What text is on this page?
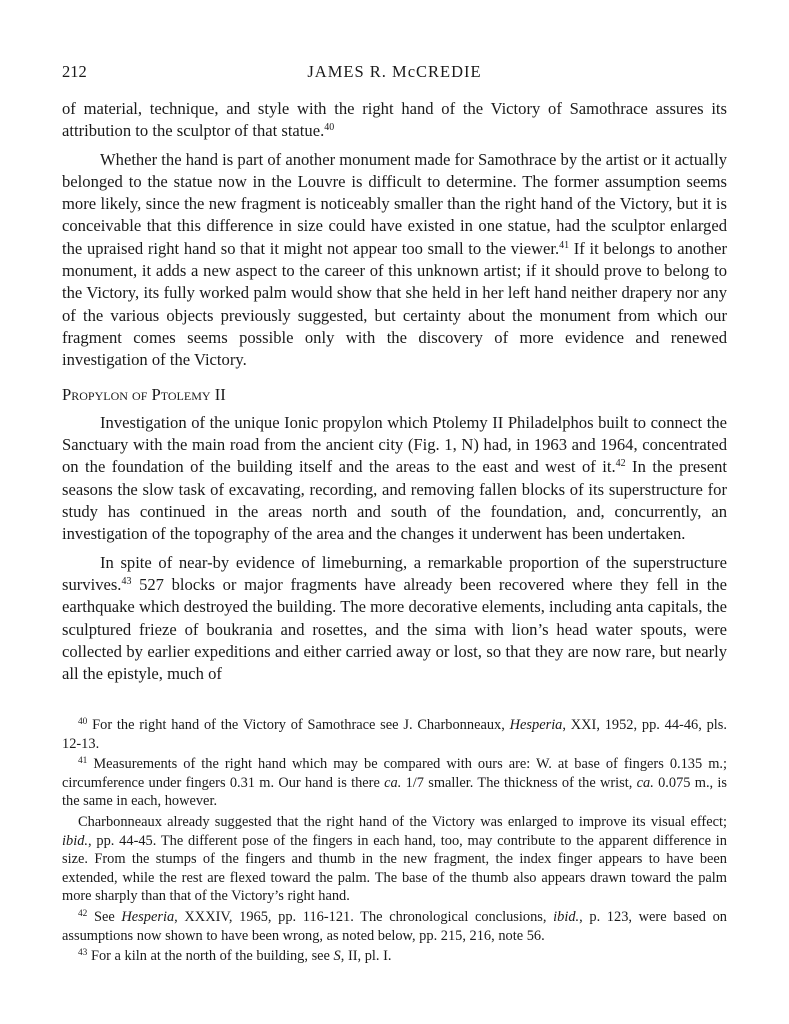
212	JAMES R. McCREDIE

of material, technique, and style with the right hand of the Victory of Samothrace assures its attribution to the sculptor of that statue.$^{40}$

Whether the hand is part of another monument made for Samothrace by the artist or it actually belonged to the statue now in the Louvre is difficult to determine. The former assumption seems more likely, since the new fragment is noticeably smaller than the right hand of the Victory, but it is conceivable that this difference in size could have existed in one statue, had the sculptor enlarged the upraised right hand so that it might not appear too small to the viewer.$^{41}$ If it belongs to another monument, it adds a new aspect to the career of this unknown artist; if it should prove to belong to the Victory, its fully worked palm would show that she held in her left hand neither drapery nor any of the various objects previously suggested, but certainty about the monument from which our fragment comes seems possible only with the discovery of more evidence and renewed investigation of the Victory.

Propylon of Ptolemy II

Investigation of the unique Ionic propylon which Ptolemy II Philadelphos built to connect the Sanctuary with the main road from the ancient city (Fig. 1, N) had, in 1963 and 1964, concentrated on the foundation of the building itself and the areas to the east and west of it.$^{42}$ In the present seasons the slow task of excavating, recording, and removing fallen blocks of its superstructure for study has continued in the areas north and south of the foundation, and, concurrently, an investigation of the topography of the area and the changes it underwent has been undertaken.

In spite of near-by evidence of limeburning, a remarkable proportion of the superstructure survives.$^{43}$ 527 blocks or major fragments have already been recovered where they fell in the earthquake which destroyed the building. The more decorative elements, including anta capitals, the sculptured frieze of boukrania and rosettes, and the sima with lion’s head water spouts, were collected by earlier expeditions and either carried away or lost, so that they are now rare, but nearly all the epistyle, much of

$^{40}$ For the right hand of the Victory of Samothrace see J. Charbonneaux, Hesperia, XXI, 1952, pp. 44-46, pls. 12-13.

$^{41}$ Measurements of the right hand which may be compared with ours are: W. at base of fingers 0.135 m.; circumference under fingers 0.31 m. Our hand is there ca. 1/7 smaller. The thickness of the wrist, ca. 0.075 m., is the same in each, however.

Charbonneaux already suggested that the right hand of the Victory was enlarged to improve its visual effect; ibid., pp. 44-45. The different pose of the fingers in each hand, too, may contribute to the apparent difference in size. From the stumps of the fingers and thumb in the new fragment, the index finger appears to have been extended, while the rest are flexed toward the palm. The base of the thumb also appears drawn toward the palm more sharply than that of the Victory’s right hand.

$^{42}$ See Hesperia, XXXIV, 1965, pp. 116-121. The chronological conclusions, ibid., p. 123, were based on assumptions now shown to have been wrong, as noted below, pp. 215, 216, note 56.

$^{43}$ For a kiln at the north of the building, see S, II, pl. I.
